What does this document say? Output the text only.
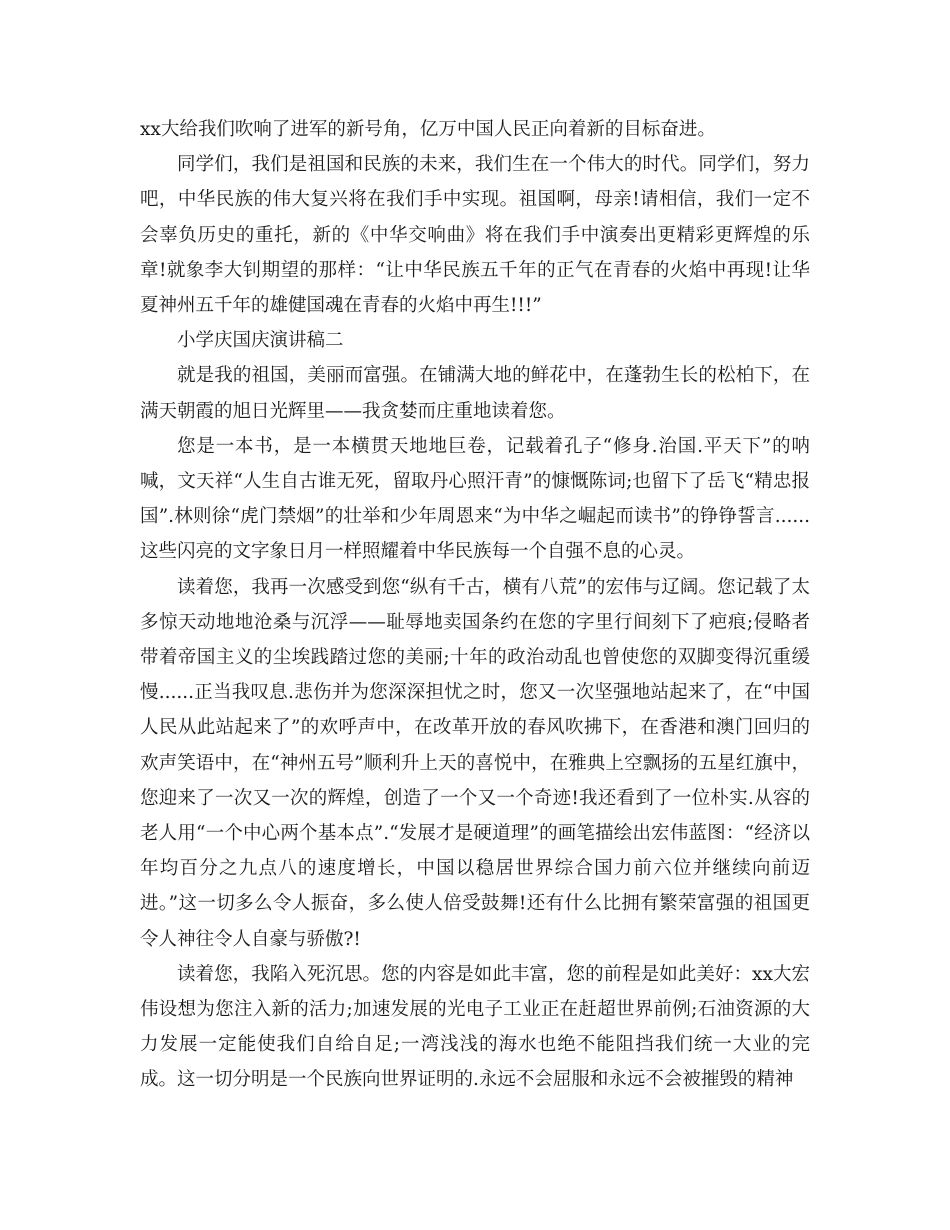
xx大给我们吹响了进军的新号角，亿万中国人民正向着新的目标奋进。

同学们，我们是祖国和民族的未来，我们生在一个伟大的时代。同学们，努力吧，中华民族的伟大复兴将在我们手中实现。祖国啊，母亲!请相信，我们一定不会辜负历史的重托，新的《中华交响曲》将在我们手中演奏出更精彩更辉煌的乐章!就象李大钊期望的那样：“让中华民族五千年的正气在青春的火焰中再现!让华夏神州五千年的雄健国魂在青春的火焰中再生!!!”

小学庆国庆演讲稿二

就是我的祖国，美丽而富强。在铺满大地的鲜花中，在蓬勃生长的松柏下，在满天朝霞的旭日光辉里——我贪婪而庄重地读着您。

您是一本书，是一本横贯天地地巨卷，记载着孔子“修身.治国.平天下”的呐喊，文天祥“人生自古谁无死，留取丹心照汗青”的慷慨陈词;也留下了岳飞“精忠报国”.林则徐“虎门禁烟”的壮举和少年周恩来“为中华之崛起而读书”的铮铮誓言......这些闪亮的文字象日月一样照耀着中华民族每一个自强不息的心灵。

读着您，我再一次感受到您“纵有千古，横有八荒”的宏伟与辽阔。您记载了太多惊天动地地沧桑与沉浮——耻辱地卖国条约在您的字里行间刻下了疤痕;侵略者带着帝国主义的尘埃践踏过您的美丽;十年的政治动乱也曾使您的双脚变得沉重缓慢......正当我叹息.悲伤并为您深深担忧之时，您又一次坚强地站起来了，在“中国人民从此站起来了”的欢呼声中，在改革开放的春风吹拂下，在香港和澳门回归的欢声笑语中，在“神州五号”顺利升上天的喜悦中，在雅典上空飘扬的五星红旗中，您迎来了一次又一次的辉煌，创造了一个又一个奇迹!我还看到了一位朴实.从容的老人用“一个中心两个基本点”.“发展才是硬道理”的画笔描绘出宏伟蓝图：“经济以年均百分之九点八的速度增长，中国以稳居世界综合国力前六位并继续向前迈进。”这一切多么令人振奋，多么使人倍受鼓舞!还有什么比拥有繁荣富强的祖国更令人神往令人自豪与骄傲?!

读着您，我陷入死沉思。您的内容是如此丰富，您的前程是如此美好：xx大宏伟设想为您注入新的活力;加速发展的光电子工业正在赶超世界前例;石油资源的大力发展一定能使我们自给自足;一湾浅浅的海水也绝不能阻挡我们统一大业的完成。这一切分明是一个民族向世界证明的.永远不会屈服和永远不会被摧毁的精神
